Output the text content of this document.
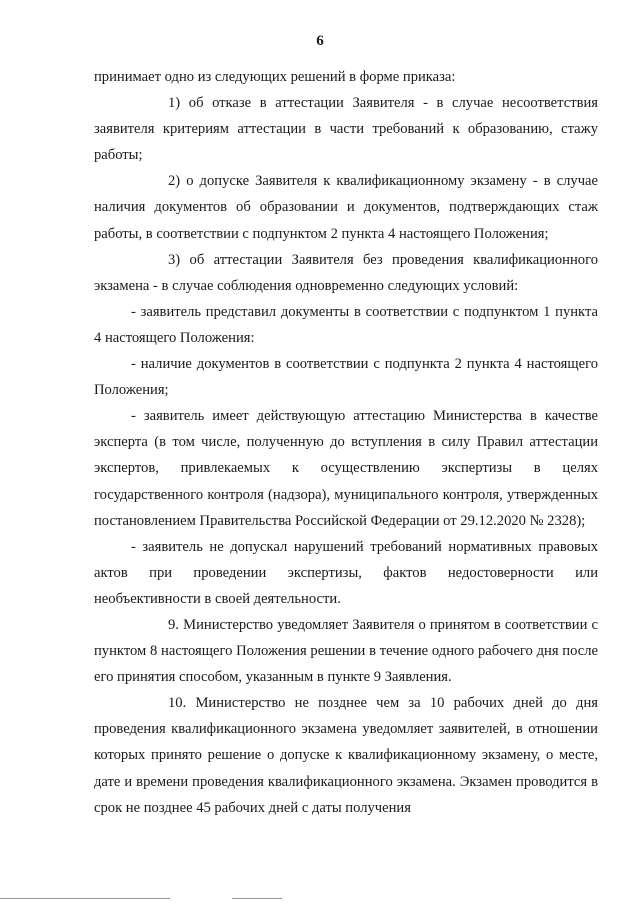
6

принимает одно из следующих решений в форме приказа:

1) об отказе в аттестации Заявителя - в случае несоответствия заявителя критериям аттестации в части требований к образованию, стажу работы;

2) о допуске Заявителя к квалификационному экзамену - в случае наличия документов об образовании и документов, подтверждающих стаж работы, в соответствии с подпунктом 2 пункта 4 настоящего Положения;

3) об аттестации Заявителя без проведения квалификационного экзамена - в случае соблюдения одновременно следующих условий:

- заявитель представил документы в соответствии с подпунктом 1 пункта 4 настоящего Положения:

- наличие документов в соответствии с подпункта 2 пункта 4 настоящего Положения;

- заявитель имеет действующую аттестацию Министерства в качестве эксперта (в том числе, полученную до вступления в силу Правил аттестации экспертов, привлекаемых к осуществлению экспертизы в целях государственного контроля (надзора), муниципального контроля, утвержденных постановлением Правительства Российской Федерации от 29.12.2020 № 2328);

- заявитель не допускал нарушений требований нормативных правовых актов при проведении экспертизы, фактов недостоверности или необъективности в своей деятельности.

9. Министерство уведомляет Заявителя о принятом в соответствии с пунктом 8 настоящего Положения решении в течение одного рабочего дня после его принятия способом, указанным в пункте 9 Заявления.

10. Министерство не позднее чем за 10 рабочих дней до дня проведения квалификационного экзамена уведомляет заявителей, в отношении которых принято решение о допуске к квалификационному экзамену, о месте, дате и времени проведения квалификационного экзамена. Экзамен проводится в срок не позднее 45 рабочих дней с даты получения
